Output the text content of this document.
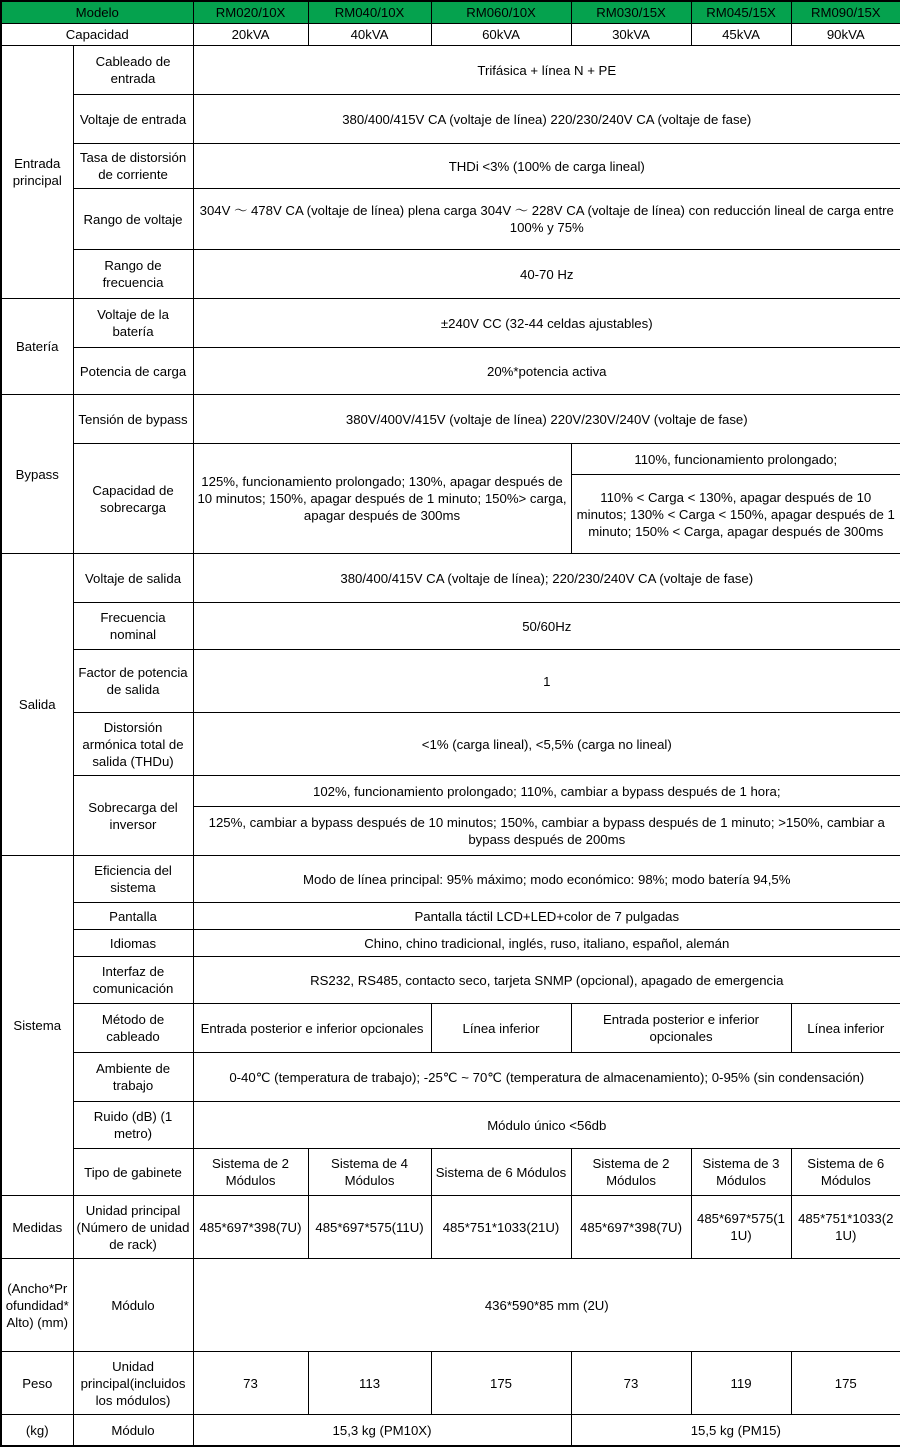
Modelo		RM020/10X	RM040/10X	RM060/10X	RM030/15X	RM045/15X	RM090/15X
Capacidad		20kVA	40kVA	60kVA	30kVA	45kVA	90kVA
Entrada principal	Cableado de entrada	Trifásica + línea N + PE					
	Voltaje de entrada	380/400/415V CA (voltaje de línea) 220/230/240V CA (voltaje de fase)					
	Tasa de distorsión de corriente	THDi <3% (100% de carga lineal)					
	Rango de voltaje	304V ～ 478V CA (voltaje de línea) plena carga 304V ～ 228V CA (voltaje de línea) con reducción lineal de carga entre 100% y 75%					
	Rango de frecuencia	40-70 Hz					
Batería	Voltaje de la batería	±240V CC (32-44 celdas ajustables)					
	Potencia de carga	20%*potencia activa					
Bypass	Tensión de bypass	380V/400V/415V (voltaje de línea) 220V/230V/240V (voltaje de fase)					
	Capacidad de sobrecarga	125%, funcionamiento prolongado; 130%, apagar después de 10 minutos; 150%, apagar después de 1 minuto; 150%> carga, apagar después de 300ms			110%, funcionamiento prolongado;		
					110% < Carga < 130%, apagar después de 10 minutos; 130% < Carga < 150%, apagar después de 1 minuto; 150% < Carga, apagar después de 300ms		
Salida	Voltaje de salida	380/400/415V CA (voltaje de línea); 220/230/240V CA (voltaje de fase)					
	Frecuencia nominal	50/60Hz					
	Factor de potencia de salida	1					
	Distorsión armónica total de salida (THDu)	<1% (carga lineal), <5,5% (carga no lineal)					
	Sobrecarga del inversor	102%, funcionamiento prolongado; 110%, cambiar a bypass después de 1 hora;					
		125%, cambiar a bypass después de 10 minutos; 150%, cambiar a bypass después de 1 minuto; >150%, cambiar a bypass después de 200ms					
Sistema	Eficiencia del sistema	Modo de línea principal: 95% máximo; modo económico: 98%; modo batería 94,5%					
	Pantalla	Pantalla táctil LCD+LED+color de 7 pulgadas					
	Idiomas	Chino, chino tradicional, inglés, ruso, italiano, español, alemán					
	Interfaz de comunicación	RS232, RS485, contacto seco, tarjeta SNMP (opcional), apagado de emergencia					
	Método de cableado	Entrada posterior e inferior opcionales		Línea inferior	Entrada posterior e inferior opcionales		Línea inferior
	Ambiente de trabajo	0-40℃ (temperatura de trabajo); -25℃ ~ 70℃ (temperatura de almacenamiento); 0-95% (sin condensación)					
	Ruido (dB) (1 metro)	Módulo único <56db					
	Tipo de gabinete	Sistema de 2 Módulos	Sistema de 4 Módulos	Sistema de 6 Módulos	Sistema de 2 Módulos	Sistema de 3 Módulos	Sistema de 6 Módulos
Medidas	Unidad principal (Número de unidad de rack)	485*697*398(7U)	485*697*575(11U)	485*751*1033(21U)	485*697*398(7U)	485*697*575(11U)	485*751*1033(21U)
(Ancho*Profundidad*Alto) (mm)	Módulo	436*590*85 mm (2U)					
Peso	Unidad principal(incluidos los módulos)	73	113	175	73	119	175
(kg)	Módulo	15,3 kg (PM10X)			15,5 kg (PM15)		
